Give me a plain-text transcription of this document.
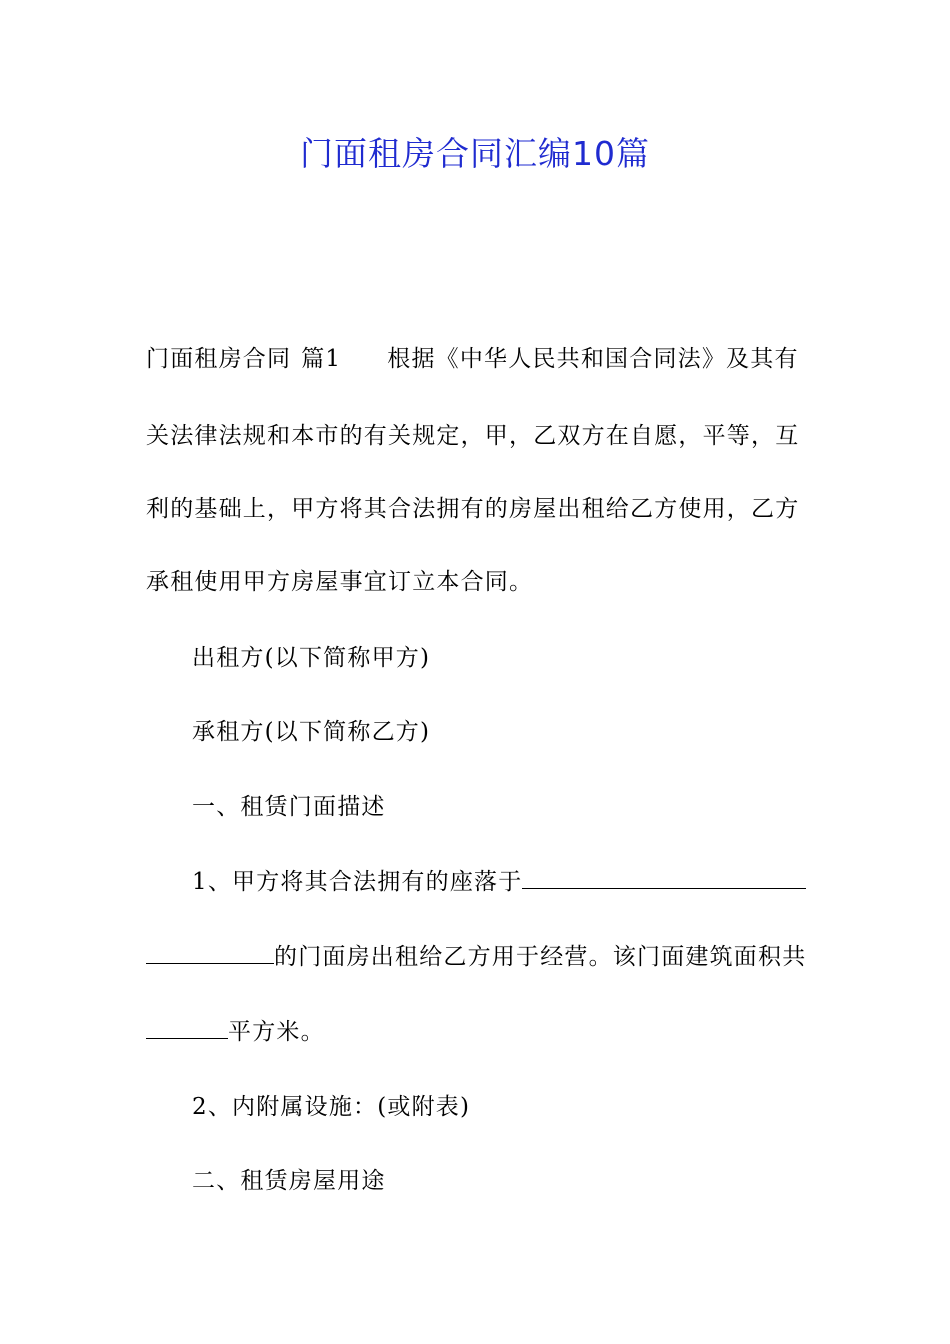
门面租房合同汇编10篇
门面租房合同 篇1 根据《中华人民共和国合同法》及其有
关法律法规和本市的有关规定，甲，乙双方在自愿，平等，互
利的基础上，甲方将其合法拥有的房屋出租给乙方使用，乙方
承租使用甲方房屋事宜订立本合同。
出租方(以下简称甲方)
承租方(以下简称乙方)
一、租赁门面描述
1、甲方将其合法拥有的座落于
的门面房出租给乙方用于经营。该门面建筑面积共
平方米。
2、内附属设施：(或附表)
二、租赁房屋用途
